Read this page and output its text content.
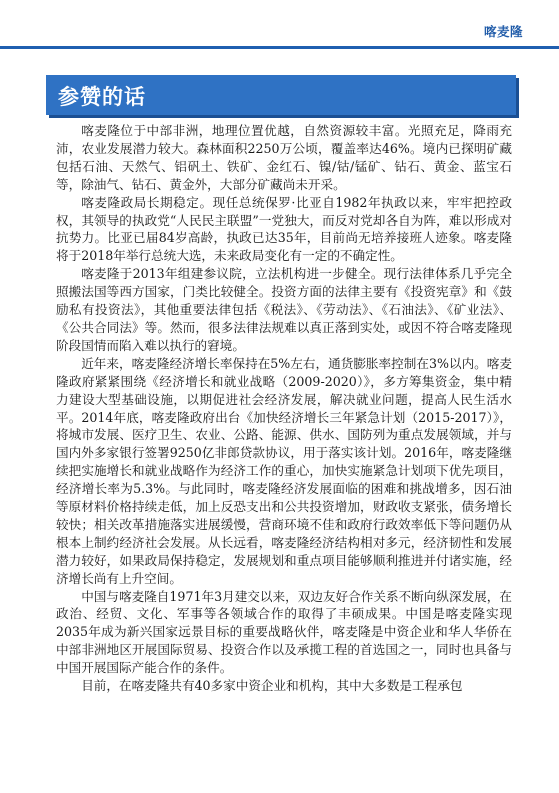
喀麦隆
参赞的话

喀麦隆位于中部非洲，地理位置优越，自然资源较丰富。光照充足，降雨充沛，农业发展潜力较大。森林面积2250万公顷，覆盖率达46%。境内已探明矿藏包括石油、天然气、铝矾土、铁矿、金红石、镍/钴/锰矿、钻石、黄金、蓝宝石等，除油气、钻石、黄金外，大部分矿藏尚未开采。

喀麦隆政局长期稳定。现任总统保罗·比亚自1982年执政以来，牢牢把控政权，其领导的执政党“人民民主联盟”一党独大，而反对党却各自为阵，难以形成对抗势力。比亚已届84岁高龄，执政已达35年，目前尚无培养接班人迹象。喀麦隆将于2018年举行总统大选，未来政局变化有一定的不确定性。

喀麦隆于2013年组建参议院，立法机构进一步健全。现行法律体系几乎完全照搬法国等西方国家，门类比较健全。投资方面的法律主要有《投资宪章》和《鼓励私有投资法》，其他重要法律包括《税法》、《劳动法》、《石油法》、《矿业法》、《公共合同法》等。然而，很多法律法规难以真正落到实处，或因不符合喀麦隆现阶段国情而陷入难以执行的窘境。

近年来，喀麦隆经济增长率保持在5%左右，通货膨胀率控制在3%以内。喀麦隆政府紧紧围绕《经济增长和就业战略（2009-2020）》，多方筹集资金，集中精力建设大型基础设施，以期促进社会经济发展，解决就业问题，提高人民生活水平。2014年底，喀麦隆政府出台《加快经济增长三年紧急计划（2015-2017）》，将城市发展、医疗卫生、农业、公路、能源、供水、国防列为重点发展领域，并与国内外多家银行签署9250亿非郎贷款协议，用于落实该计划。2016年，喀麦隆继续把实施增长和就业战略作为经济工作的重心，加快实施紧急计划项下优先项目，经济增长率为5.3%。与此同时，喀麦隆经济发展面临的困难和挑战增多，因石油等原材料价格持续走低，加上反恐支出和公共投资增加，财政收支紧张，债务增长较快；相关改革措施落实进展缓慢，营商环境不佳和政府行政效率低下等问题仍从根本上制约经济社会发展。从长远看，喀麦隆经济结构相对多元，经济韧性和发展潜力较好，如果政局保持稳定，发展规划和重点项目能够顺利推进并付诸实施，经济增长尚有上升空间。

中国与喀麦隆自1971年3月建交以来，双边友好合作关系不断向纵深发展，在政治、经贸、文化、军事等各领域合作的取得了丰硕成果。中国是喀麦隆实现2035年成为新兴国家远景目标的重要战略伙伴，喀麦隆是中资企业和华人华侨在中部非洲地区开展国际贸易、投资合作以及承揽工程的首选国之一，同时也具备与中国开展国际产能合作的条件。

目前，在喀麦隆共有40多家中资企业和机构，其中大多数是工程承包
